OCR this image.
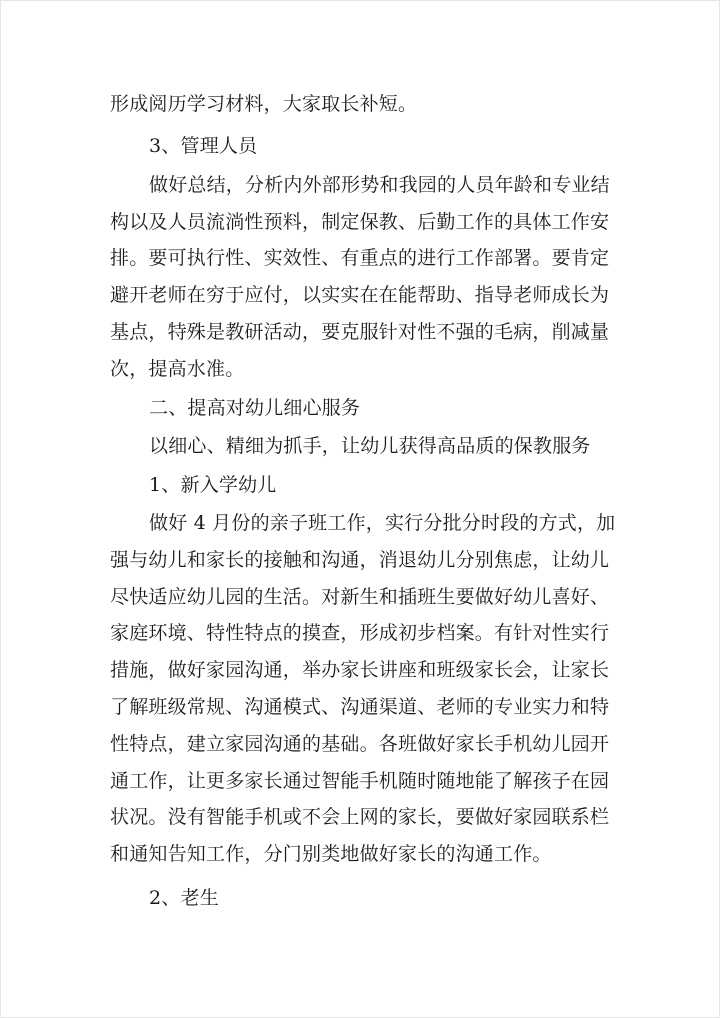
形成阅历学习材料，大家取长补短。
3、管理人员
做好总结，分析内外部形势和我园的人员年龄和专业结
构以及人员流淌性预料，制定保教、后勤工作的具体工作安
排。要可执行性、实效性、有重点的进行工作部署。要肯定
避开老师在穷于应付，以实实在在能帮助、指导老师成长为
基点，特殊是教研活动，要克服针对性不强的毛病，削减量
次，提高水准。
二、提高对幼儿细心服务
以细心、精细为抓手，让幼儿获得高品质的保教服务
1、新入学幼儿
做好 4 月份的亲子班工作，实行分批分时段的方式，加
强与幼儿和家长的接触和沟通，消退幼儿分别焦虑，让幼儿
尽快适应幼儿园的生活。对新生和插班生要做好幼儿喜好、
家庭环境、特性特点的摸查，形成初步档案。有针对性实行
措施，做好家园沟通，举办家长讲座和班级家长会，让家长
了解班级常规、沟通模式、沟通渠道、老师的专业实力和特
性特点，建立家园沟通的基础。各班做好家长手机幼儿园开
通工作，让更多家长通过智能手机随时随地能了解孩子在园
状况。没有智能手机或不会上网的家长，要做好家园联系栏
和通知告知工作，分门别类地做好家长的沟通工作。
2、老生
